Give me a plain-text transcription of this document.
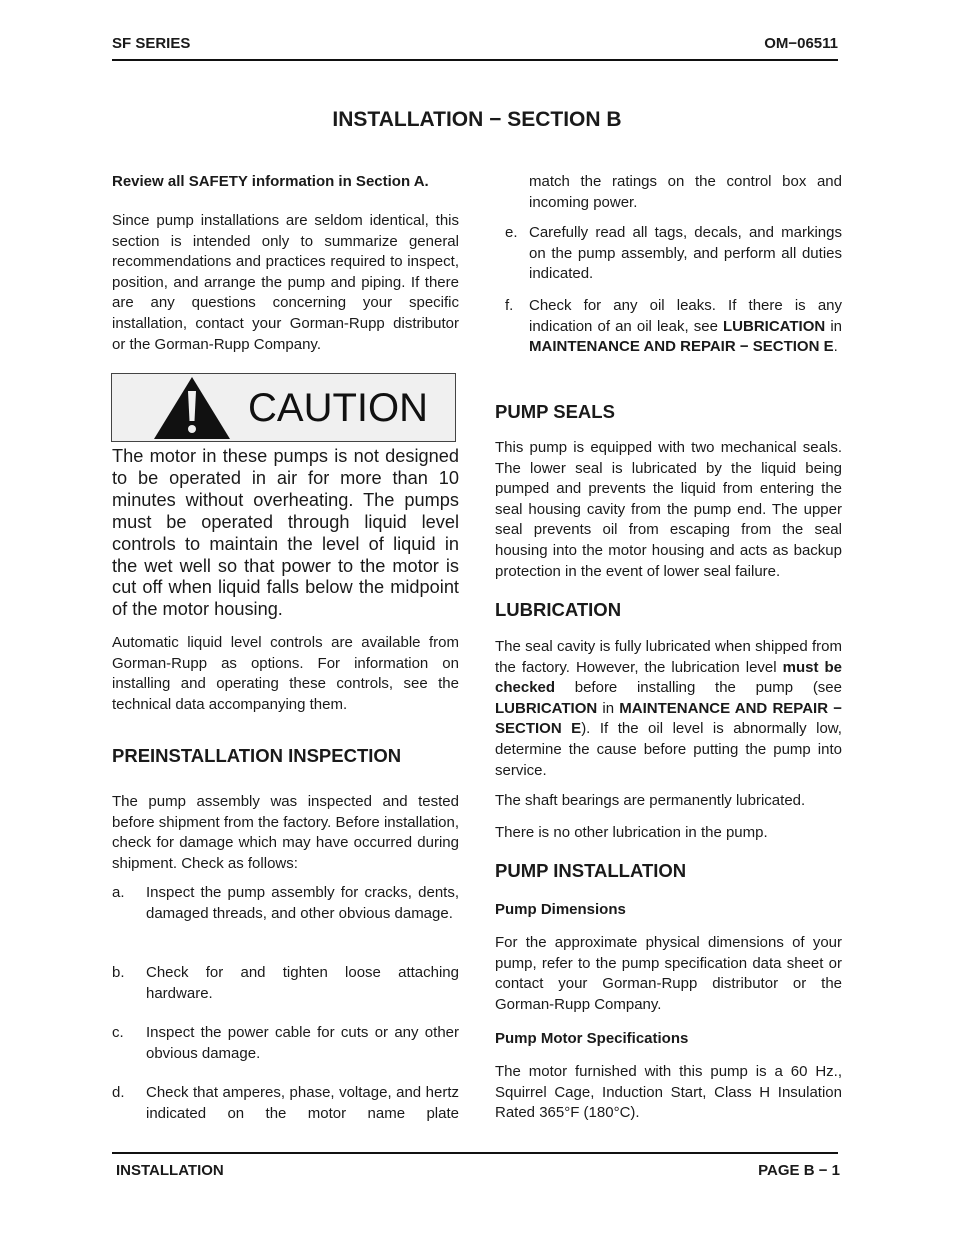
SF SERIES	OM−06511
INSTALLATION − SECTION B
Review all SAFETY information in Section A.

Since pump installations are seldom identical, this section is intended only to summarize general recommendations and practices required to inspect, position, and arrange the pump and piping. If there are any questions concerning your specific installation, contact your Gorman-Rupp distributor or the Gorman-Rupp Company.

CAUTION
The motor in these pumps is not designed to be operated in air for more than 10 minutes without overheating. The pumps must be operated through liquid level controls to maintain the level of liquid in the wet well so that power to the motor is cut off when liquid falls below the midpoint of the motor housing.

Automatic liquid level controls are available from Gorman-Rupp as options. For information on installing and operating these controls, see the technical data accompanying them.

PREINSTALLATION INSPECTION

The pump assembly was inspected and tested before shipment from the factory. Before installation, check for damage which may have occurred during shipment. Check as follows:

a. Inspect the pump assembly for cracks, dents, damaged threads, and other obvious damage.
b. Check for and tighten loose attaching hardware.
c. Inspect the power cable for cuts or any other obvious damage.
d. Check that amperes, phase, voltage, and hertz indicated on the motor name plate

match the ratings on the control box and incoming power.

e. Carefully read all tags, decals, and markings on the pump assembly, and perform all duties indicated.
f. Check for any oil leaks. If there is any indication of an oil leak, see LUBRICATION in MAINTENANCE AND REPAIR − SECTION E.
PUMP SEALS

This pump is equipped with two mechanical seals. The lower seal is lubricated by the liquid being pumped and prevents the liquid from entering the seal housing cavity from the pump end. The upper seal prevents oil from escaping from the seal housing into the motor housing and acts as backup protection in the event of lower seal failure.

LUBRICATION

The seal cavity is fully lubricated when shipped from the factory. However, the lubrication level must be checked before installing the pump (see LUBRICATION in MAINTENANCE AND REPAIR − SECTION E). If the oil level is abnormally low, determine the cause before putting the pump into service.

The shaft bearings are permanently lubricated.
There is no other lubrication in the pump.
PUMP INSTALLATION
Pump Dimensions

For the approximate physical dimensions of your pump, refer to the pump specification data sheet or contact your Gorman-Rupp distributor or the Gorman-Rupp Company.

Pump Motor Specifications

The motor furnished with this pump is a 60 Hz., Squirrel Cage, Induction Start, Class H Insulation Rated 365°F (180°C).

INSTALLATION	PAGE B − 1
